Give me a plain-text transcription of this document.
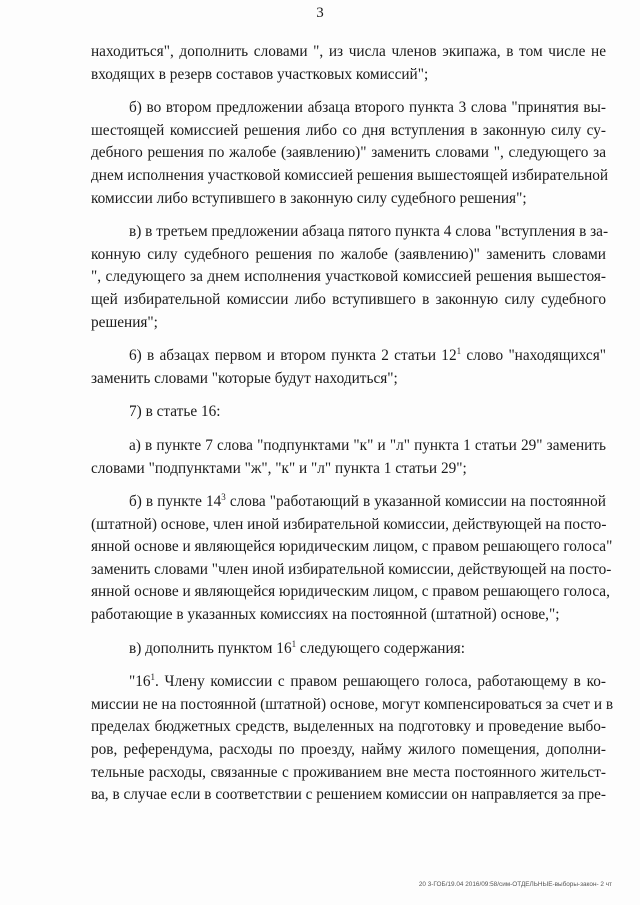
3
находиться", дополнить словами ", из числа членов экипажа, в том числе не
входящих в резерв составов участковых комиссий";
б) во втором предложении абзаца второго пункта 3 слова "принятия вы-
шестоящей комиссией решения либо со дня вступления в законную силу су-
дебного решения по жалобе (заявлению)" заменить словами ", следующего за
днем исполнения участковой комиссией решения вышестоящей избирательной
комиссии либо вступившего в законную силу судебного решения";
в) в третьем предложении абзаца пятого пункта 4 слова "вступления в за-
конную силу судебного решения по жалобе (заявлению)" заменить словами
", следующего за днем исполнения участковой комиссией решения вышестоя-
щей избирательной комиссии либо вступившего в законную силу судебного
решения";
6) в абзацах первом и втором пункта 2 статьи $12^1$ слово "находящихся"
заменить словами "которые будут находиться";
7) в статье 16:
а) в пункте 7 слова "подпунктами "к" и "л" пункта 1 статьи 29" заменить
словами "подпунктами "ж", "к" и "л" пункта 1 статьи 29";
б) в пункте $14^3$ слова "работающий в указанной комиссии на постоянной
(штатной) основе, член иной избирательной комиссии, действующей на посто-
янной основе и являющейся юридическим лицом, с правом решающего голоса"
заменить словами "член иной избирательной комиссии, действующей на посто-
янной основе и являющейся юридическим лицом, с правом решающего голоса,
работающие в указанных комиссиях на постоянной (штатной) основе,";
в) дополнить пунктом $16^1$ следующего содержания:
"$16^1$. Члену комиссии с правом решающего голоса, работающему в ко-
миссии не на постоянной (штатной) основе, могут компенсироваться за счет и в
пределах бюджетных средств, выделенных на подготовку и проведение выбо-
ров, референдума, расходы по проезду, найму жилого помещения, дополни-
тельные расходы, связанные с проживанием вне места постоянного жительст-
ва, в случае если в соответствии с решением комиссии он направляется за пре-
20 3-ГОБ/19.04 2016/09:58/сим-ОТДЕЛЬНЫЕ-выборы-закон- 2 чт
